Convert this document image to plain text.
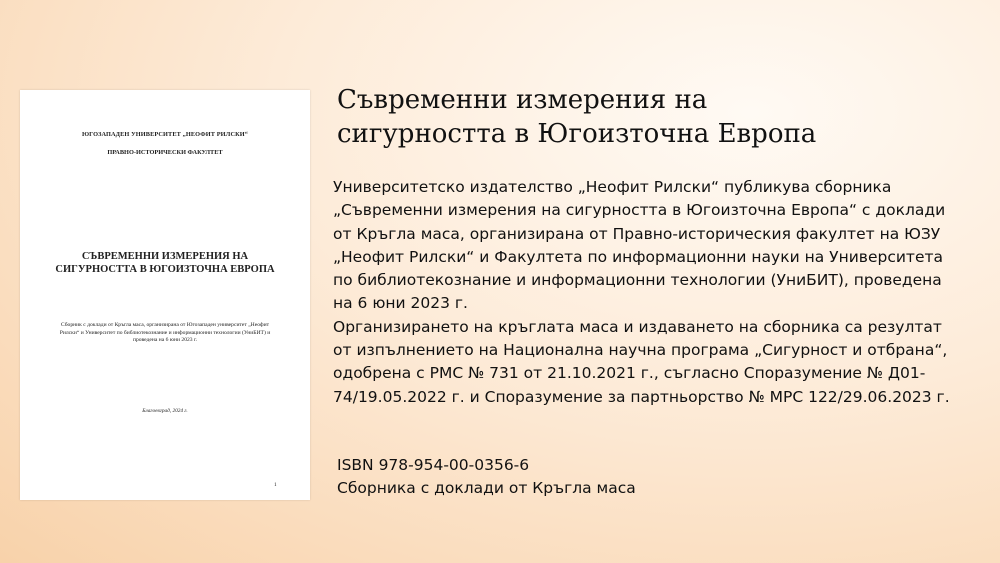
ЮГОЗАПАДЕН УНИВЕРСИТЕТ „НЕОФИТ РИЛСКИ“
ПРАВНО-ИСТОРИЧЕСКИ ФАКУЛТЕТ
СЪВРЕМЕННИ ИЗМЕРЕНИЯ НА СИГУРНОСТТА В ЮГОИЗТОЧНА ЕВРОПА
Сборник с доклади от Кръгла маса, организирана от Югозападен университет „Неофит Рилски“ и Университет по библиотекознание и информационни технологии (УниБИТ) и проведена на 6 юни 2023 г.
Благоевград, 2024 г.
1
Съвременни измерения на
сигурността в Югоизточна Европа

Университетско издателство „Неофит Рилски“ публикува сборника „Съвременни измерения на сигурността в Югоизточна Европа“ с доклади от Кръгла маса, организирана от Правно-историческия факултет на ЮЗУ „Неофит Рилски“ и Факултета по информационни науки на Университета по библиотекознание и информационни технологии (УниБИТ), проведена на 6 юни 2023 г.

Организирането на кръглата маса и издаването на сборника са резултат от изпълнението на Национална научна програма „Сигурност и отбрана“, одобрена с РМС № 731 от 21.10.2021 г., съгласно Споразумение № Д01-74/19.05.2022 г. и Споразумение за партньорство № МРС 122/29.06.2023 г.

ISBN 978-954-00-0356-6
Сборника с доклади от Кръгла маса
